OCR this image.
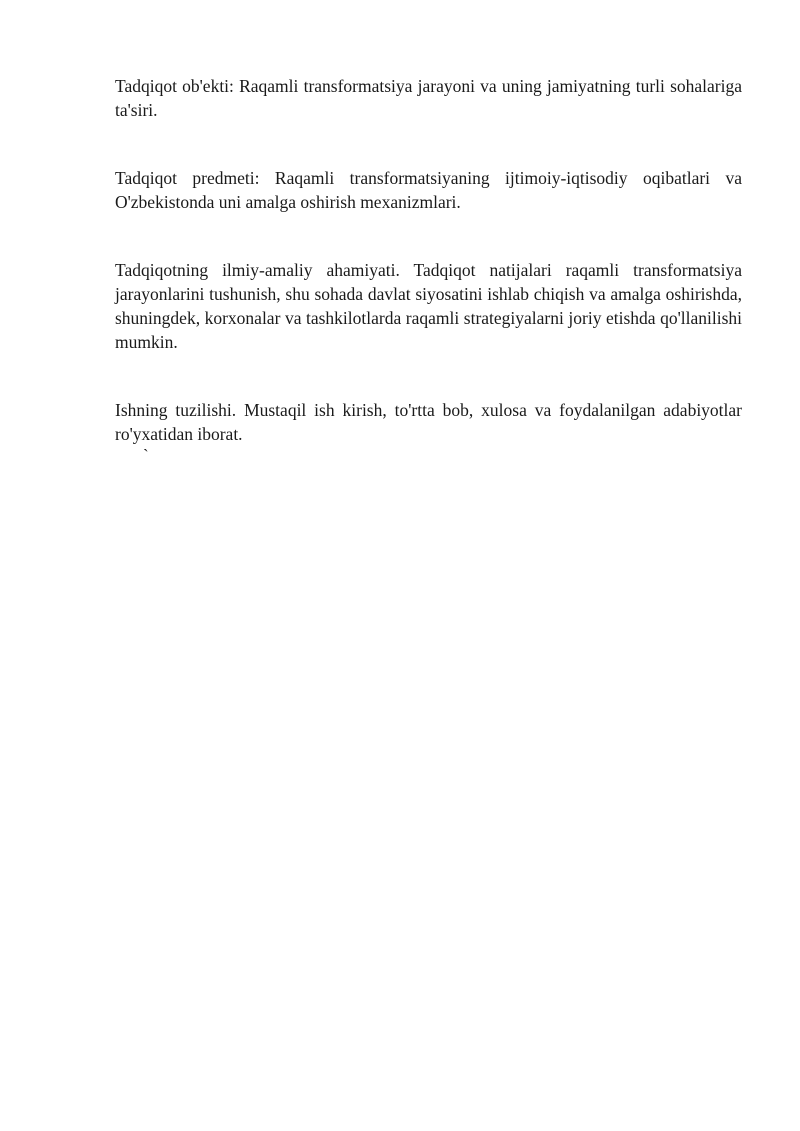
Tadqiqot ob'ekti: Raqamli transformatsiya jarayoni va uning jamiyatning turli sohalariga ta'siri.

Tadqiqot predmeti: Raqamli transformatsiyaning ijtimoiy-iqtisodiy oqibatlari va O'zbekistonda uni amalga oshirish mexanizmlari.

Tadqiqotning ilmiy-amaliy ahamiyati. Tadqiqot natijalari raqamli transformatsiya jarayonlarini tushunish, shu sohada davlat siyosatini ishlab chiqish va amalga oshirishda, shuningdek, korxonalar va tashkilotlarda raqamli strategiyalarni joriy etishda qo'llanilishi mumkin.

Ishning tuzilishi. Mustaqil ish kirish, to'rtta bob, xulosa va foydalanilgan adabiyotlar ro'yxatidan iborat.

`
